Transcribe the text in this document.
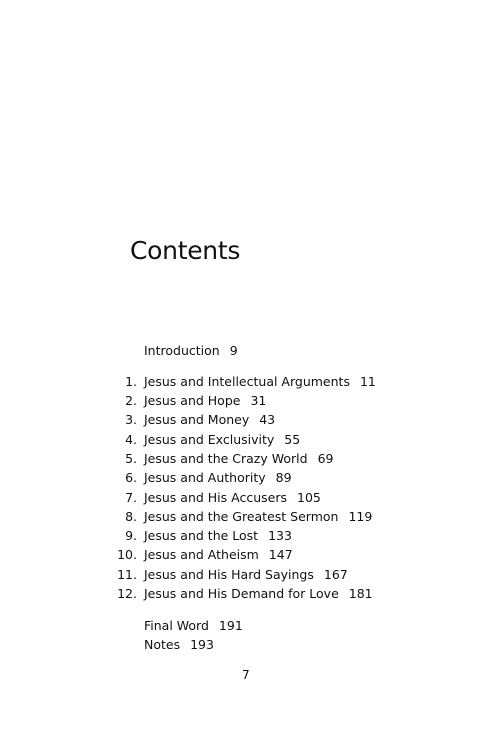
Contents
Introduction 9
1. Jesus and Intellectual Arguments 11
2. Jesus and Hope 31
3. Jesus and Money 43
4. Jesus and Exclusivity 55
5. Jesus and the Crazy World 69
6. Jesus and Authority 89
7. Jesus and His Accusers 105
8. Jesus and the Greatest Sermon 119
9. Jesus and the Lost 133
10. Jesus and Atheism 147
11. Jesus and His Hard Sayings 167
12. Jesus and His Demand for Love 181
Final Word 191
Notes 193
7
